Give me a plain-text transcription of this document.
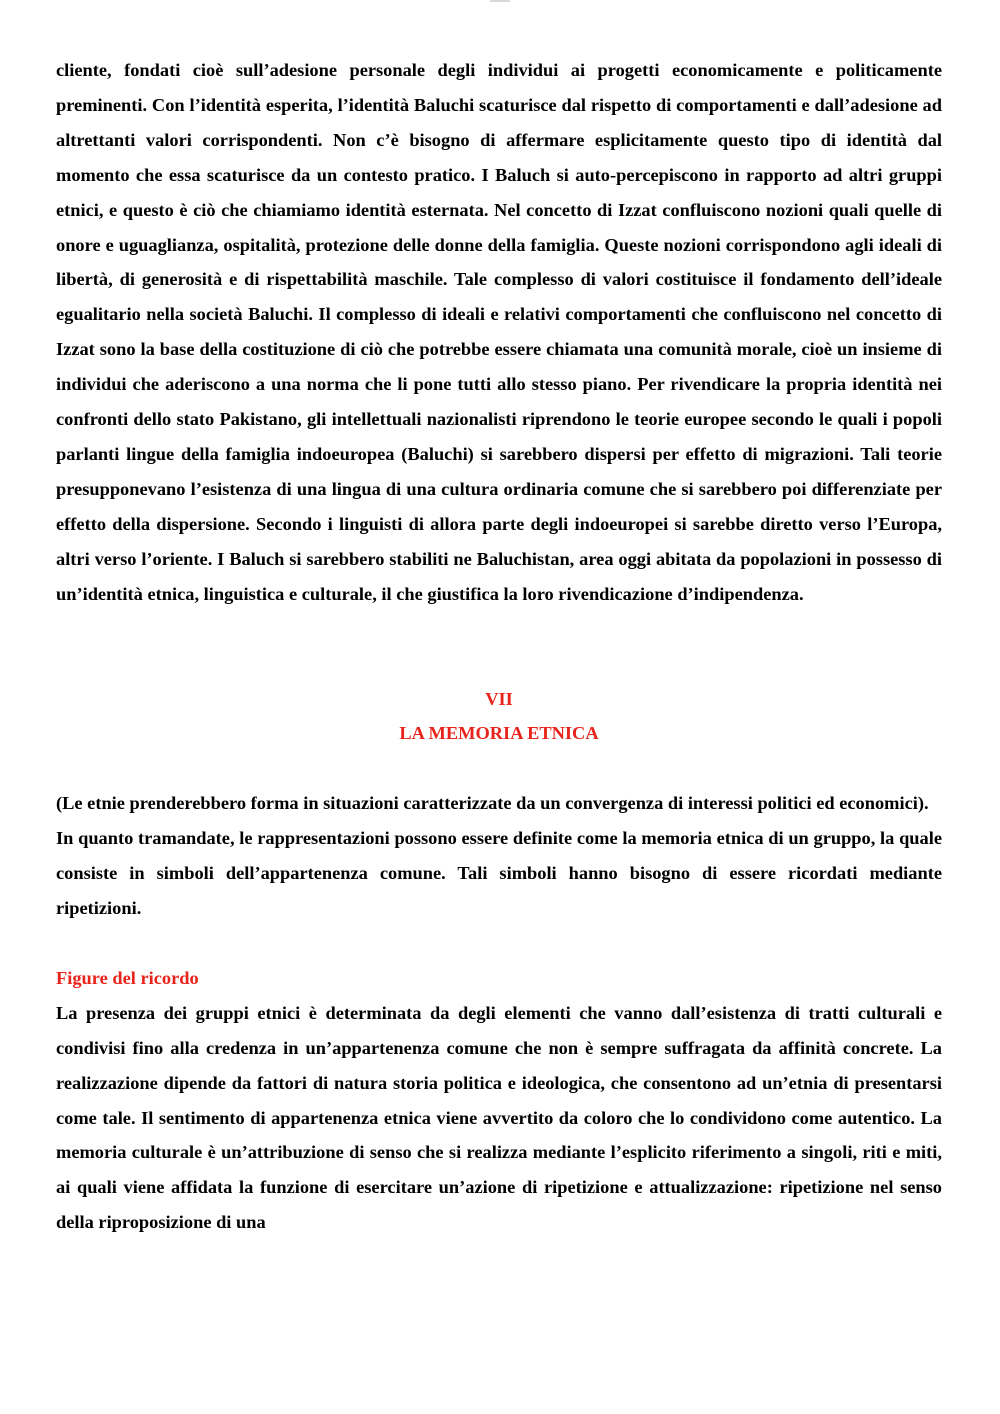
cliente, fondati cioè sull’adesione personale degli individui ai progetti economicamente e politicamente preminenti. Con l’identità esperita, l’identità Baluchi scaturisce dal rispetto di comportamenti e dall’adesione ad altrettanti valori corrispondenti. Non c’è bisogno di affermare esplicitamente questo tipo di identità dal momento che essa scaturisce da un contesto pratico. I Baluch si auto-percepiscono in rapporto ad altri gruppi etnici, e questo è ciò che chiamiamo identità esternata. Nel concetto di Izzat confluiscono nozioni quali quelle di onore e uguaglianza, ospitalità, protezione delle donne della famiglia. Queste nozioni corrispondono agli ideali di libertà, di generosità e di rispettabilità maschile. Tale complesso di valori costituisce il fondamento dell’ideale egualitario nella società Baluchi. Il complesso di ideali e relativi comportamenti che confluiscono nel concetto di Izzat sono la base della costituzione di ciò che potrebbe essere chiamata una comunità morale, cioè un insieme di individui che aderiscono a una norma che li pone tutti allo stesso piano. Per rivendicare la propria identità nei confronti dello stato Pakistano, gli intellettuali nazionalisti riprendono le teorie europee secondo le quali i popoli parlanti lingue della famiglia indoeuropea (Baluchi) si sarebbero dispersi per effetto di migrazioni. Tali teorie presupponevano l’esistenza di una lingua di una cultura ordinaria comune che si sarebbero poi differenziate per effetto della dispersione. Secondo i linguisti di allora parte degli indoeuropei si sarebbe diretto verso l’Europa, altri verso l’oriente. I Baluch si sarebbero stabiliti ne Baluchistan, area oggi abitata da popolazioni in possesso di un’identità etnica, linguistica e culturale, il che giustifica la loro rivendicazione d’indipendenza.

VII

LA MEMORIA ETNICA

(Le etnie prenderebbero forma in situazioni caratterizzate da un convergenza di interessi politici ed economici).

In quanto tramandate, le rappresentazioni possono essere definite come la memoria etnica di un gruppo, la quale consiste in simboli dell’appartenenza comune. Tali simboli hanno bisogno di essere ricordati mediante ripetizioni.

Figure del ricordo

La presenza dei gruppi etnici è determinata da degli elementi che vanno dall’esistenza di tratti culturali e condivisi fino alla credenza in un’appartenenza comune che non è sempre suffragata da affinità concrete. La realizzazione dipende da fattori di natura storia politica e ideologica, che consentono ad un’etnia di presentarsi come tale. Il sentimento di appartenenza etnica viene avvertito da coloro che lo condividono come autentico. La memoria culturale è un’attribuzione di senso che si realizza mediante l’esplicito riferimento a singoli, riti e miti, ai quali viene affidata la funzione di esercitare un’azione di ripetizione e attualizzazione: ripetizione nel senso della riproposizione di una
